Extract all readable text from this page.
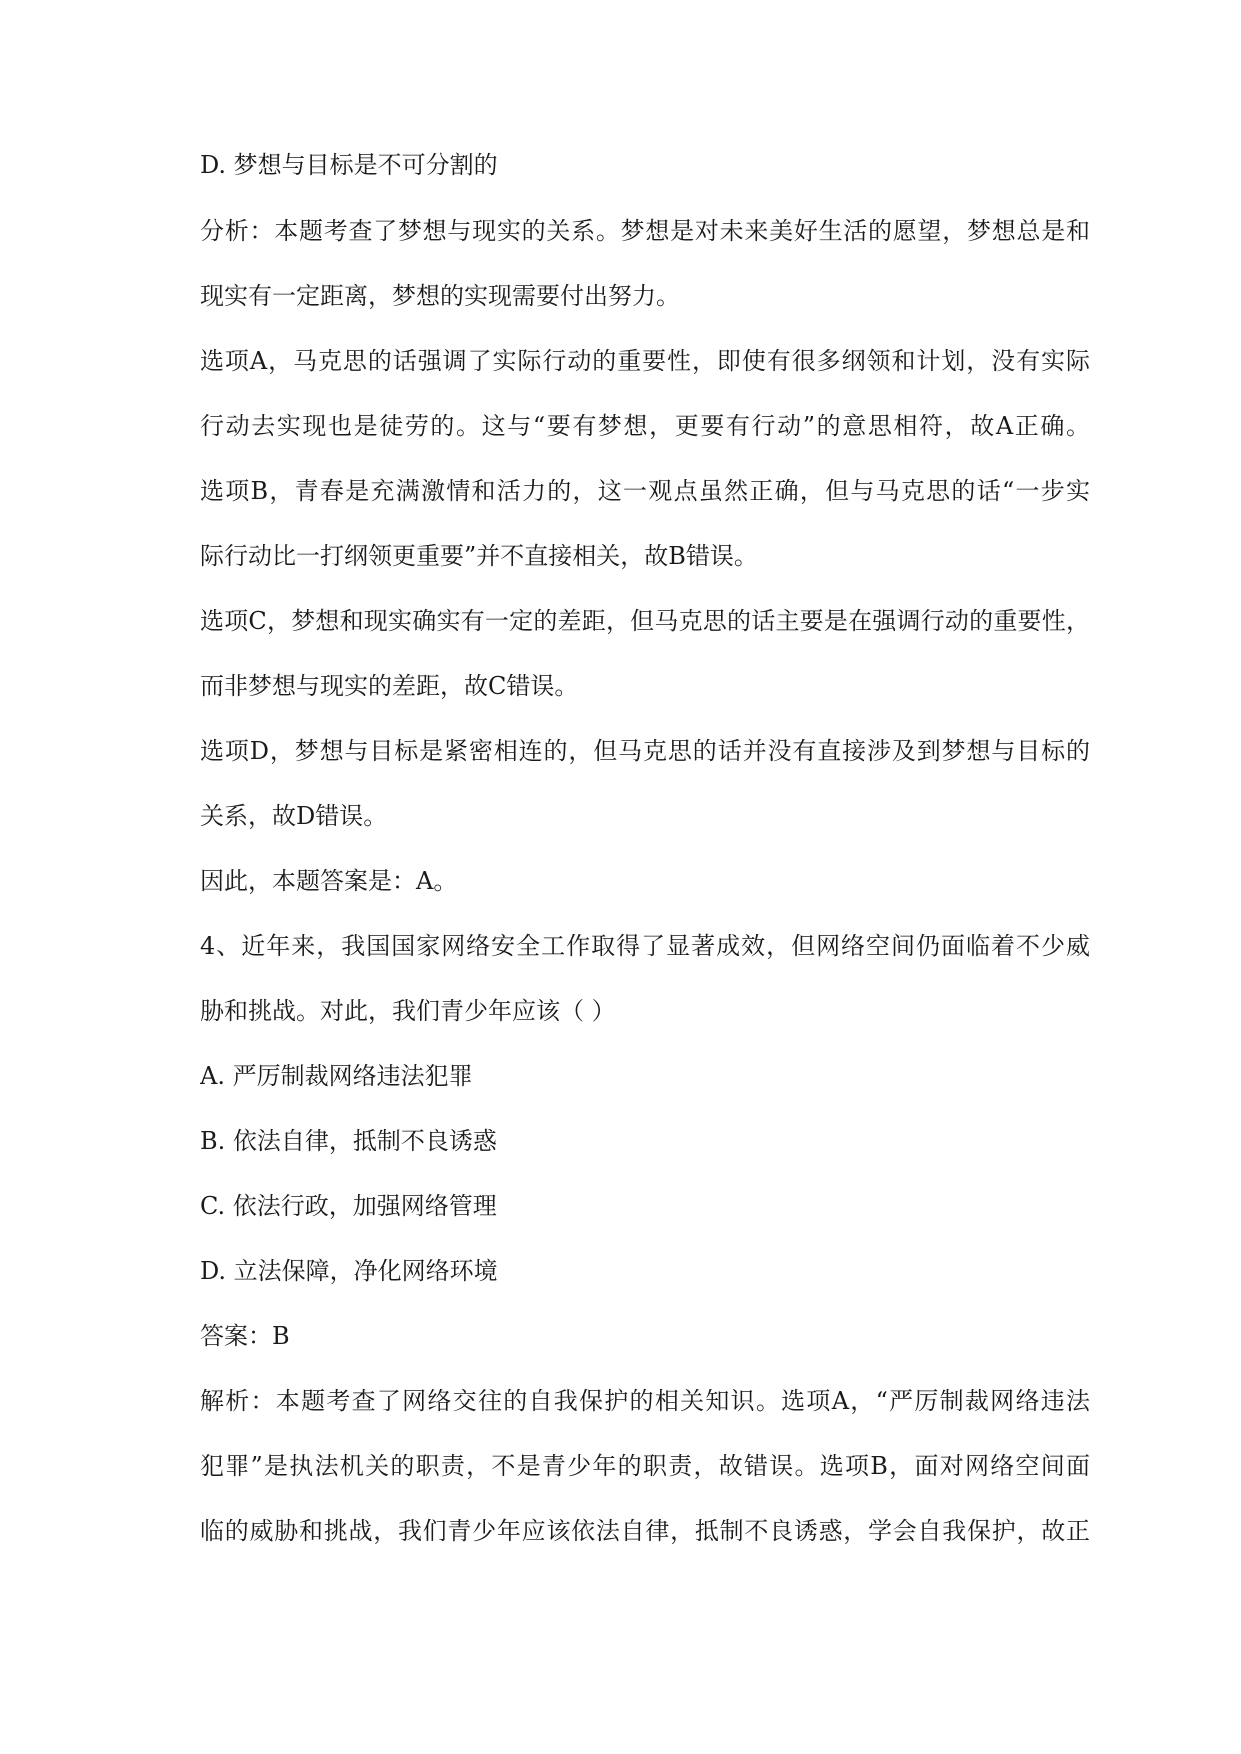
D. 梦想与目标是不可分割的
分析：本题考查了梦想与现实的关系。梦想是对未来美好生活的愿望，梦想总是和
现实有一定距离，梦想的实现需要付出努力。
选项A，马克思的话强调了实际行动的重要性，即使有很多纲领和计划，没有实际
行动去实现也是徒劳的。这与“要有梦想，更要有行动”的意思相符，故A正确。
选项B，青春是充满激情和活力的，这一观点虽然正确，但与马克思的话“一步实
际行动比一打纲领更重要”并不直接相关，故B错误。
选项C，梦想和现实确实有一定的差距，但马克思的话主要是在强调行动的重要性，
而非梦想与现实的差距，故C错误。
选项D，梦想与目标是紧密相连的，但马克思的话并没有直接涉及到梦想与目标的
关系，故D错误。
因此，本题答案是：A。
4、近年来，我国国家网络安全工作取得了显著成效，但网络空间仍面临着不少威
胁和挑战。对此，我们青少年应该（ ）
A. 严厉制裁网络违法犯罪
B. 依法自律，抵制不良诱惑
C. 依法行政，加强网络管理
D. 立法保障，净化网络环境
答案：B
解析：本题考查了网络交往的自我保护的相关知识。选项A，“严厉制裁网络违法
犯罪”是执法机关的职责，不是青少年的职责，故错误。选项B，面对网络空间面
临的威胁和挑战，我们青少年应该依法自律，抵制不良诱惑，学会自我保护，故正
